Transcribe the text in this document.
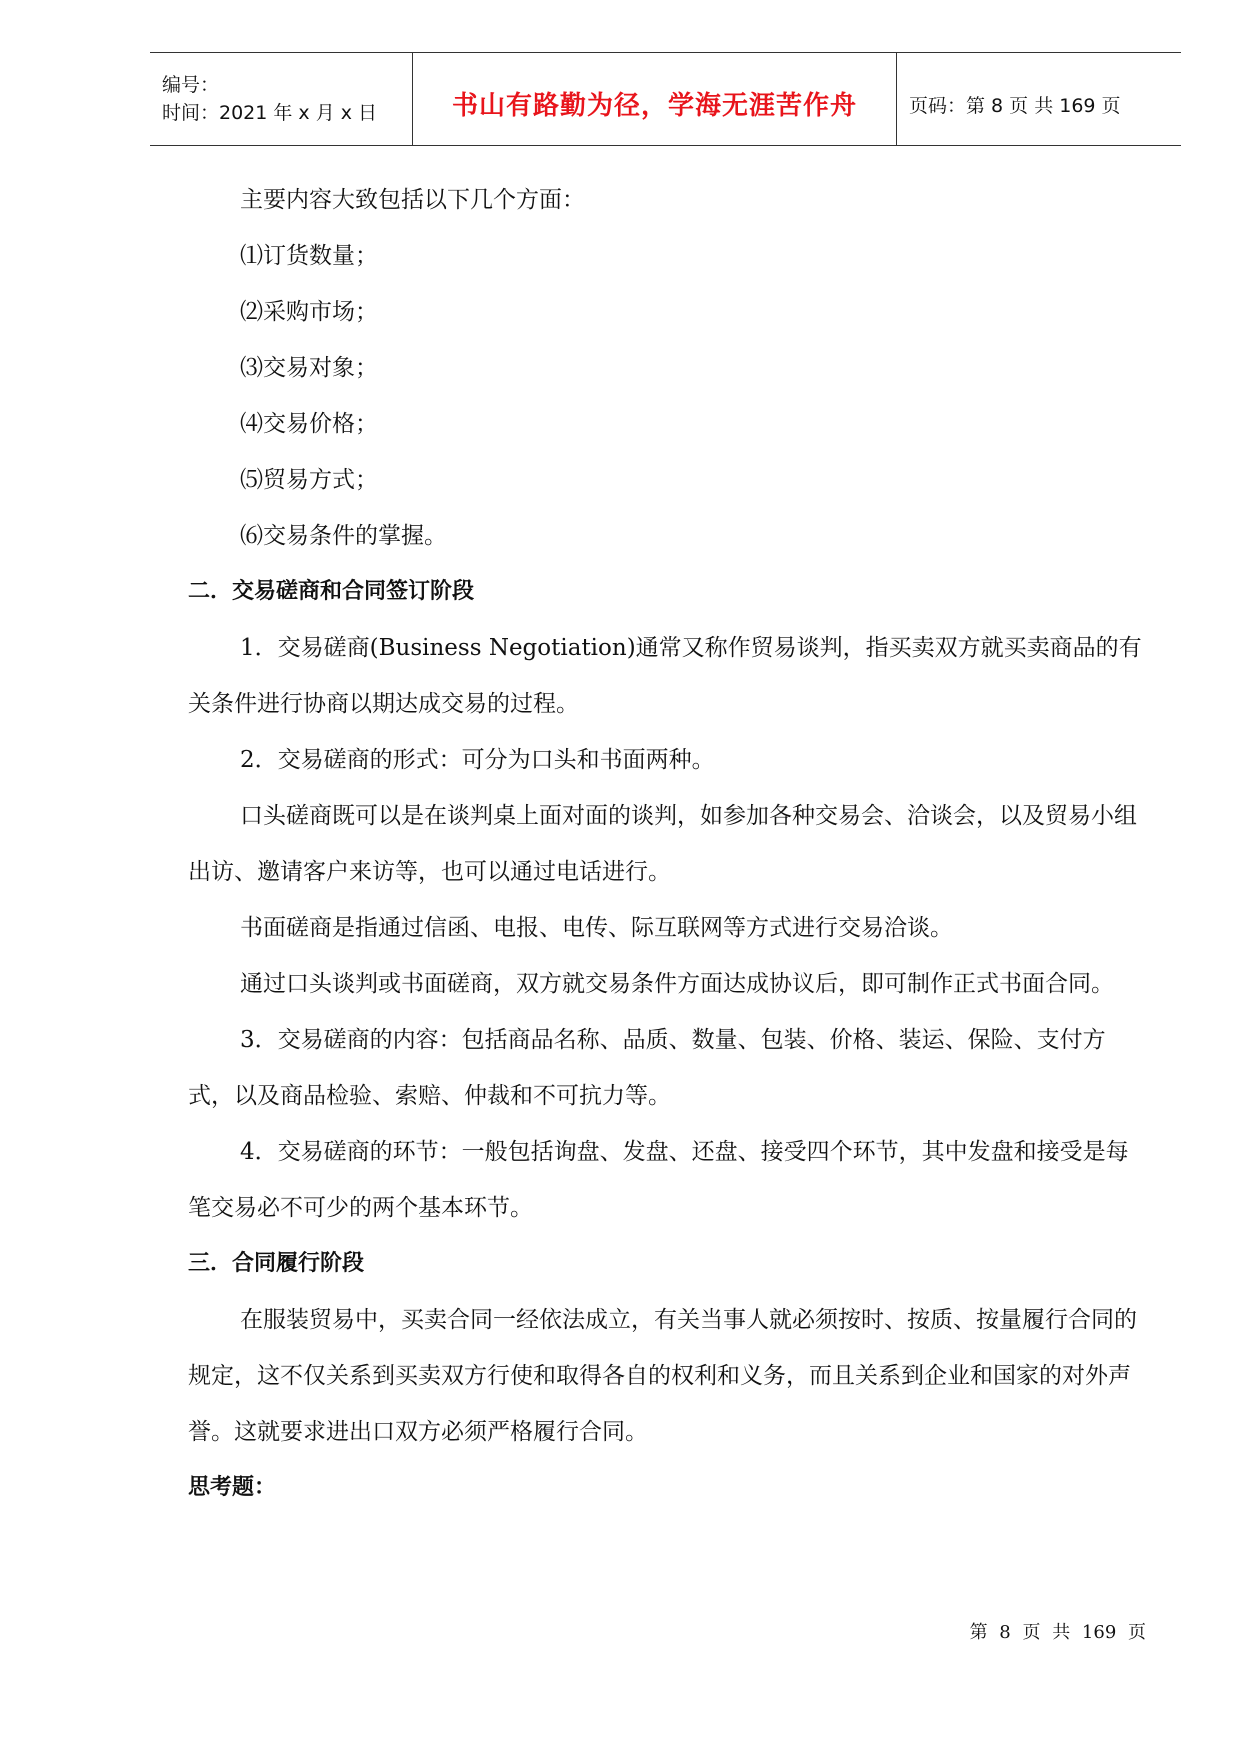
编号：
时间：2021 年 x 月 x 日	书山有路勤为径，学海无涯苦作舟	页码：第 8 页 共 169 页

主要内容大致包括以下几个方面：

⑴订货数量；

⑵采购市场；

⑶交易对象；

⑷交易价格；

⑸贸易方式；

⑹交易条件的掌握。

二．交易磋商和合同签订阶段

1．交易磋商(Business Negotiation)通常又称作贸易谈判，指买卖双方就买卖商品的有关条件进行协商以期达成交易的过程。

2．交易磋商的形式：可分为口头和书面两种。

口头磋商既可以是在谈判桌上面对面的谈判，如参加各种交易会、洽谈会，以及贸易小组出访、邀请客户来访等，也可以通过电话进行。

书面磋商是指通过信函、电报、电传、际互联网等方式进行交易洽谈。

通过口头谈判或书面磋商，双方就交易条件方面达成协议后，即可制作正式书面合同。

3．交易磋商的内容：包括商品名称、品质、数量、包装、价格、装运、保险、支付方式，以及商品检验、索赔、仲裁和不可抗力等。

4．交易磋商的环节：一般包括询盘、发盘、还盘、接受四个环节，其中发盘和接受是每笔交易必不可少的两个基本环节。

三．合同履行阶段

在服装贸易中，买卖合同一经依法成立，有关当事人就必须按时、按质、按量履行合同的规定，这不仅关系到买卖双方行使和取得各自的权利和义务，而且关系到企业和国家的对外声誉。这就要求进出口双方必须严格履行合同。

思考题：

第 8 页 共 169 页
